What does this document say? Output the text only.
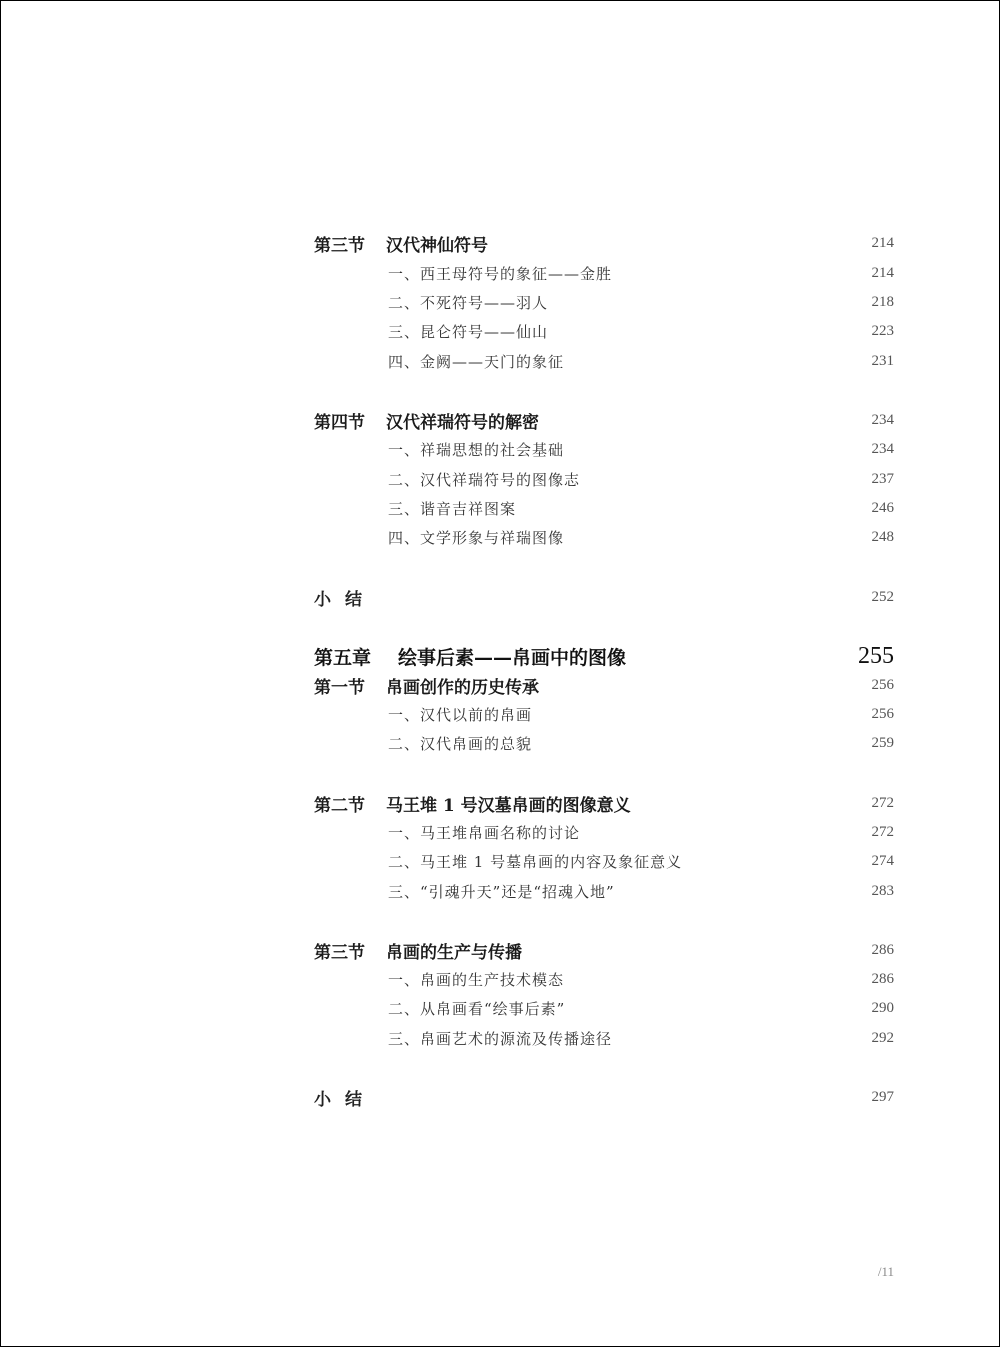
第三节 汉代神仙符号	214
一、西王母符号的象征——金胜	214
二、不死符号——羽人	218
三、昆仑符号——仙山	223
四、金阙——天门的象征	231
第四节 汉代祥瑞符号的解密	234
一、祥瑞思想的社会基础	234
二、汉代祥瑞符号的图像志	237
三、谐音吉祥图案	246
四、文学形象与祥瑞图像	248
小结	252
第五章 绘事后素——帛画中的图像	255
第一节 帛画创作的历史传承	256
一、汉代以前的帛画	256
二、汉代帛画的总貌	259
第二节 马王堆 1 号汉墓帛画的图像意义	272
一、马王堆帛画名称的讨论	272
二、马王堆 1 号墓帛画的内容及象征意义	274
三、“引魂升天”还是“招魂入地”	283
第三节 帛画的生产与传播	286
一、帛画的生产技术模态	286
二、从帛画看“绘事后素”	290
三、帛画艺术的源流及传播途径	292
小结	297
/11
